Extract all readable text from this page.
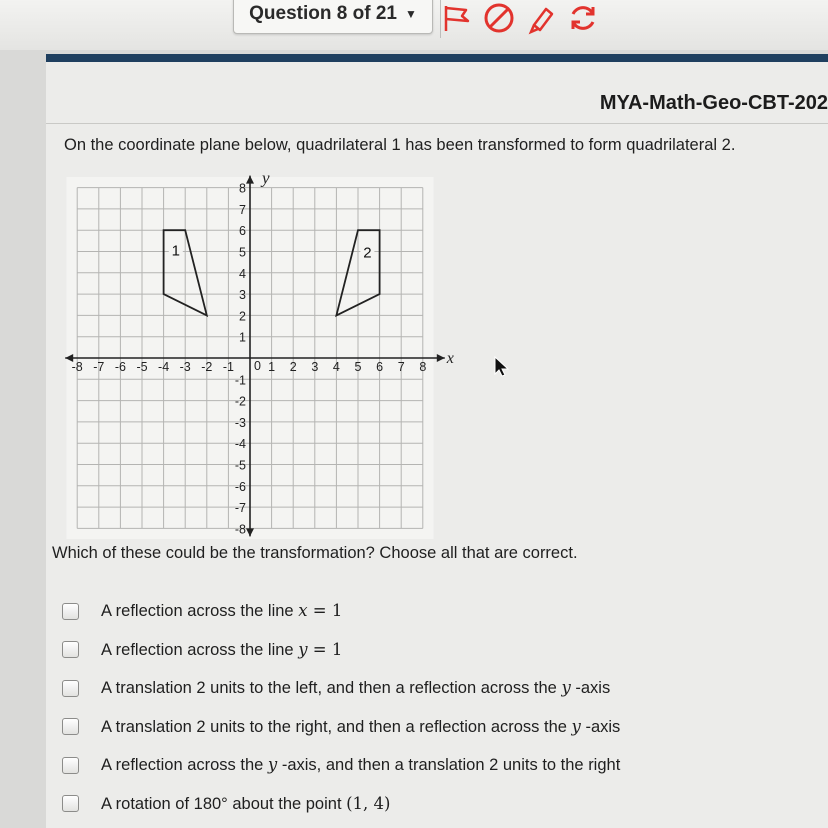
Question 8 of 21 ▼
MYA-Math-Geo-CBT-202
On the coordinate plane below, quadrilateral 1 has been transformed to form quadrilateral 2.
x
y
-8 -7 -6 -5 -4 -3 -2 -1	1 2 3 4 5 6 7 8
8
7
6
5
4
3
2
1
-1
-2
-3
-4
-5
-6
-7
-8
0
1	2
Which of these could be the transformation? Choose all that are correct.
A reflection across the line x = 1
A reflection across the line y = 1
A translation 2 units to the left, and then a reflection across the y -axis
A translation 2 units to the right, and then a reflection across the y -axis
A reflection across the y -axis, and then a translation 2 units to the right
A rotation of 180° about the point (1, 4)
